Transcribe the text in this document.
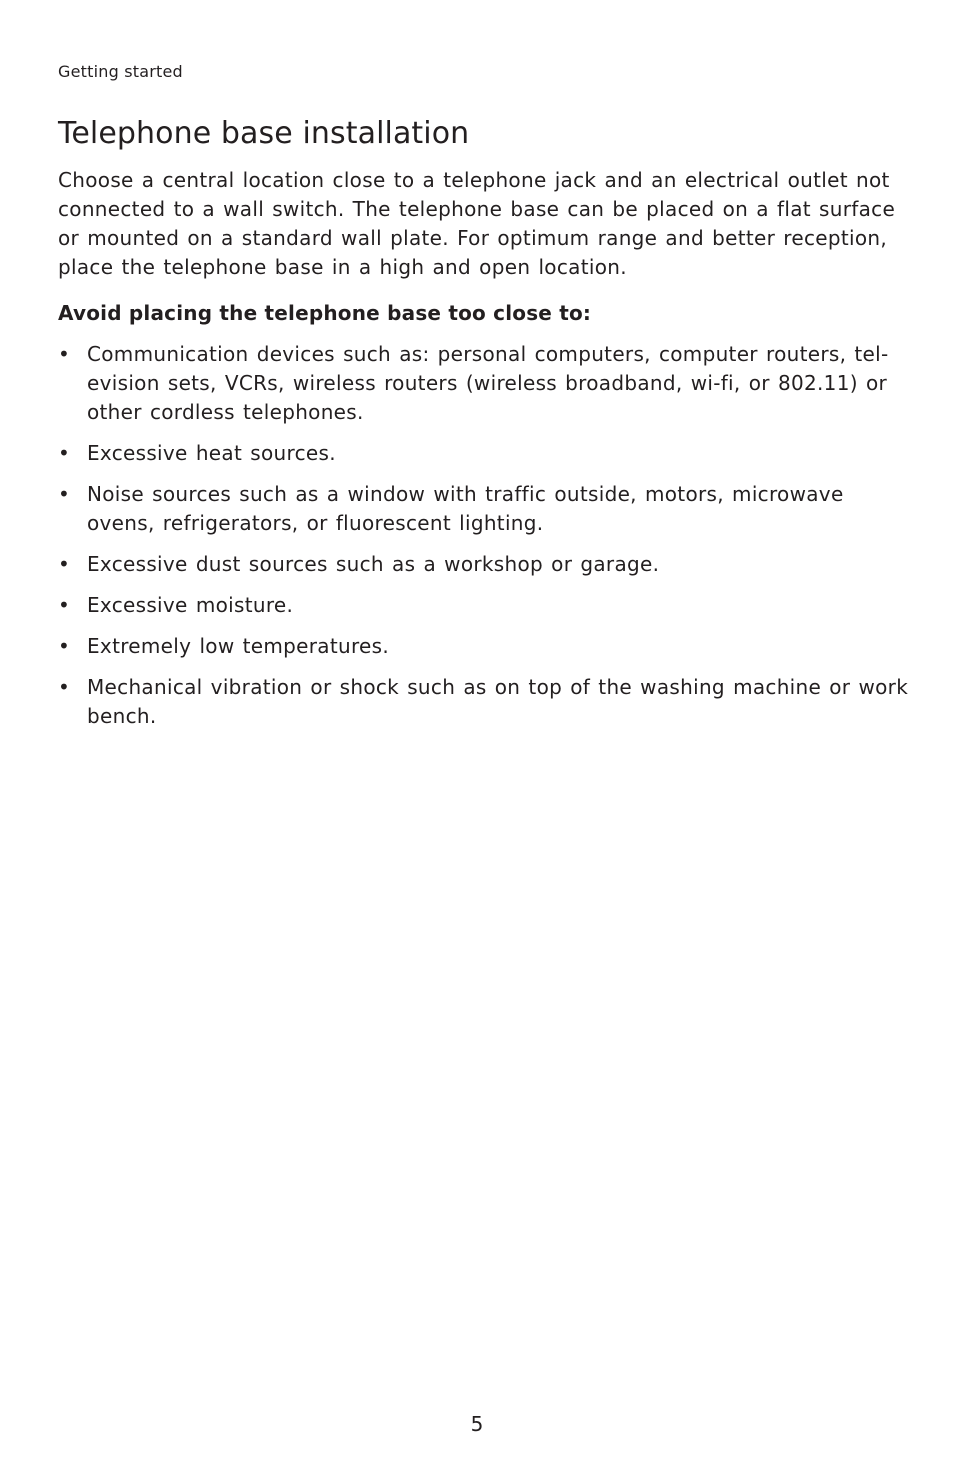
Getting started
Telephone base installation

Choose a central location close to a telephone jack and an electrical outlet not connected to a wall switch. The telephone base can be placed on a flat surface or mounted on a standard wall plate. For optimum range and better reception, place the telephone base in a high and open location.

Avoid placing the telephone base too close to:

• Communication devices such as: personal computers, computer routers, tel-evision sets, VCRs, wireless routers (wireless broadband, wi-fi, or 802.11) or other cordless telephones.
• Excessive heat sources.
• Noise sources such as a window with traffic outside, motors, microwave ovens, refrigerators, or fluorescent lighting.
• Excessive dust sources such as a workshop or garage.
• Excessive moisture.
• Extremely low temperatures.
• Mechanical vibration or shock such as on top of the washing machine or work bench.
5
